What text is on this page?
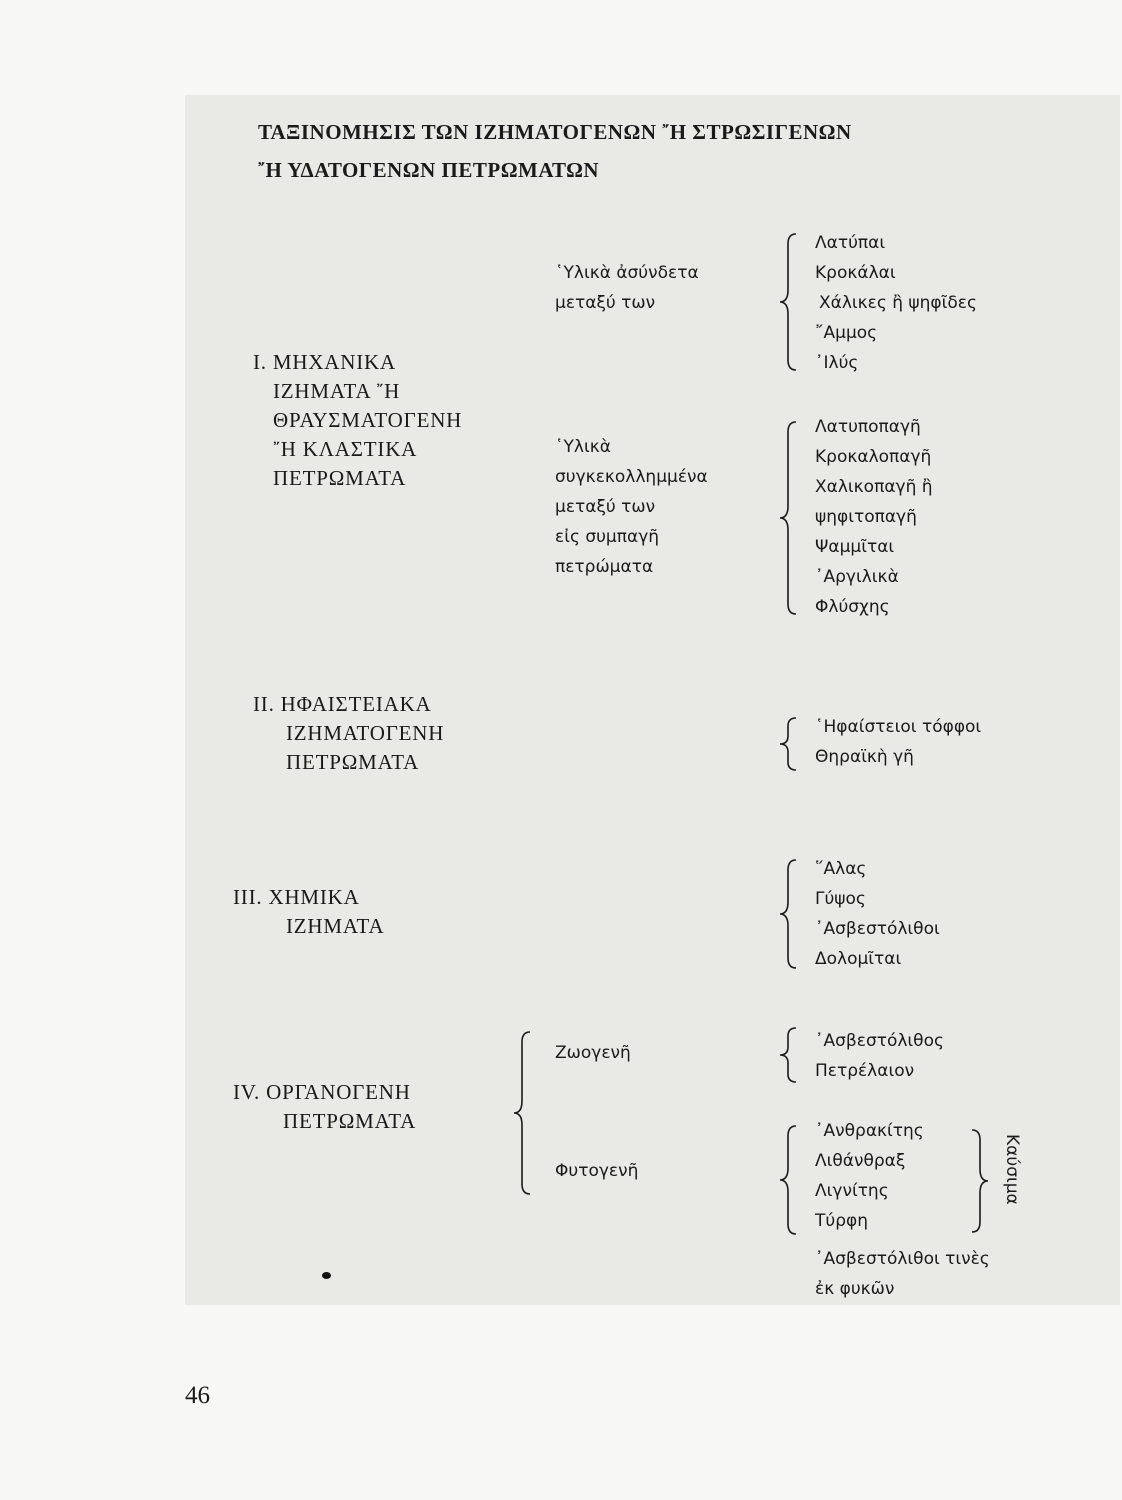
ΤΑΞΙΝΟΜΗΣΙΣ ΤΩΝ ΙΖΗΜΑΤΟΓΕΝΩΝ ῎Η ΣΤΡΩΣΙΓΕΝΩΝ
῎Η ΥΔΑΤΟΓΕΝΩΝ ΠΕΤΡΩΜΑΤΩΝ
I. ΜΗΧΑΝΙΚΑ
ΙΖΗΜΑΤΑ ῎Η
ΘΡΑΥΣΜΑΤΟΓΕΝΗ
῎Η ΚΛΑΣΤΙΚΑ
ΠΕΤΡΩΜΑΤΑ
῾Υλικὰ ἀσύνδετα
μεταξύ των
Λατύπαι
Κροκάλαι
Χάλικες ἢ ψηφῖδες
῎Αμμος
᾿Ιλύς
῾Υλικὰ
συγκεκολλημμένα
μεταξύ των
εἰς συμπαγῆ
πετρώματα
Λατυποπαγῆ
Κροκαλοπαγῆ
Χαλικοπαγῆ ἢ
ψηφιτοπαγῆ
Ψαμμῖται
᾿Αργιλικὰ
Φλύσχης
II. ΗΦΑΙΣΤΕΙΑΚΑ
ΙΖΗΜΑΤΟΓΕΝΗ
ΠΕΤΡΩΜΑΤΑ
῾Ηφαίστειοι τόφφοι
Θηραϊκὴ γῆ
III. ΧΗΜΙΚΑ
ΙΖΗΜΑΤΑ
῞Αλας
Γύψος
᾿Ασβεστόλιθοι
Δολομῖται
IV. ΟΡΓΑΝΟΓΕΝΗ
ΠΕΤΡΩΜΑΤΑ
Ζωογενῆ
᾿Ασβεστόλιθος
Πετρέλαιον
Φυτογενῆ
᾿Ανθρακίτης
Λιθάνθραξ
Λιγνίτης
Τύρφη
Καύσιμα
᾿Ασβεστόλιθοι τινὲς
ἐκ φυκῶν
46
